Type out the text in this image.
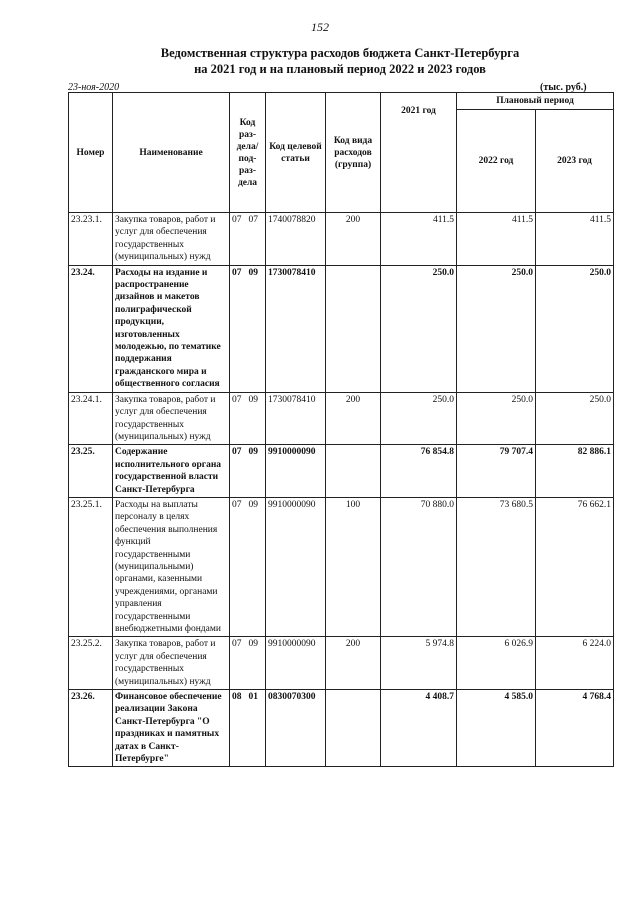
152
Ведомственная структура расходов бюджета Санкт-Петербурга
на 2021 год и на плановый период 2022 и 2023 годов
23-ноя-2020	(тыс. руб.)
Номер	Наименование	Код раз- дела/ под- раз- дела	Код целевой статьи	Код вида расходов (группа)	2021 год	Плановый период	
						2022 год	2023 год
23.23.1.	Закупка товаров, работ и услуг для обеспечения государственных (муниципальных) нужд	07 07	1740078820	200	411.5	411.5	411.5
23.24.	Расходы на издание и распространение дизайнов и макетов полиграфической продукции, изготовленных молодежью, по тематике поддержания гражданского мира и общественного согласия	07 09	1730078410		250.0	250.0	250.0
23.24.1.	Закупка товаров, работ и услуг для обеспечения государственных (муниципальных) нужд	07 09	1730078410	200	250.0	250.0	250.0
23.25.	Содержание исполнительного органа государственной власти Санкт-Петербурга	07 09	9910000090		76 854.8	79 707.4	82 886.1
23.25.1.	Расходы на выплаты персоналу в целях обеспечения выполнения функций государственными (муниципальными) органами, казенными учреждениями, органами управления государственными внебюджетными фондами	07 09	9910000090	100	70 880.0	73 680.5	76 662.1
23.25.2.	Закупка товаров, работ и услуг для обеспечения государственных (муниципальных) нужд	07 09	9910000090	200	5 974.8	6 026.9	6 224.0
23.26.	Финансовое обеспечение реализации Закона Санкт-Петербурга "О праздниках и памятных датах в Санкт-Петербурге"	08 01	0830070300		4 408.7	4 585.0	4 768.4
